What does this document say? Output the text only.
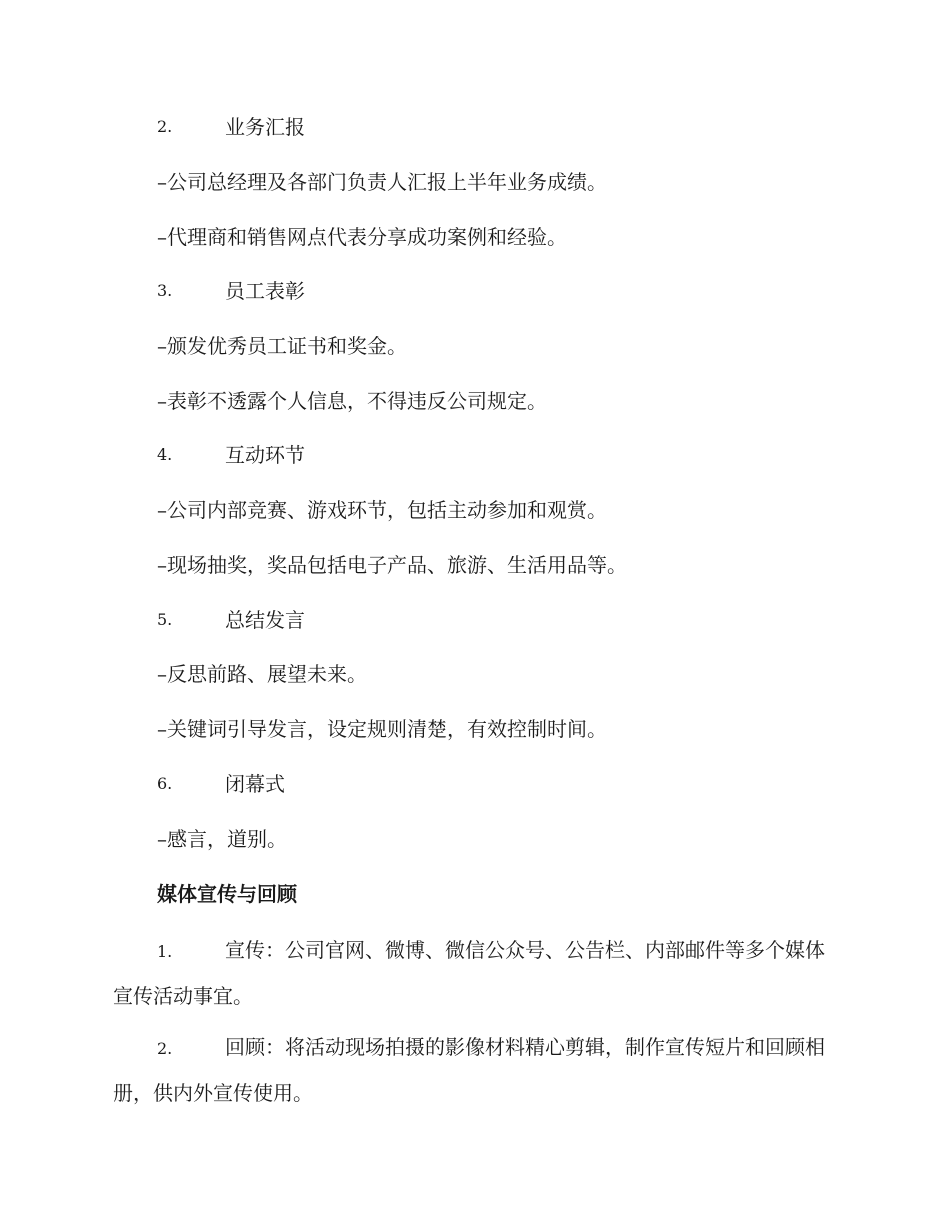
2.	业务汇报
–公司总经理及各部门负责人汇报上半年业务成绩。
–代理商和销售网点代表分享成功案例和经验。
3.	员工表彰
–颁发优秀员工证书和奖金。
–表彰不透露个人信息，不得违反公司规定。
4.	互动环节
–公司内部竞赛、游戏环节，包括主动参加和观赏。
–现场抽奖，奖品包括电子产品、旅游、生活用品等。
5.	总结发言
–反思前路、展望未来。
–关键词引导发言，设定规则清楚，有效控制时间。
6.	闭幕式
–感言，道别。
媒体宣传与回顾
1.	宣传：公司官网、微博、微信公众号、公告栏、内部邮件等多个媒体宣传活动事宜。
2.	回顾：将活动现场拍摄的影像材料精心剪辑，制作宣传短片和回顾相册，供内外宣传使用。
